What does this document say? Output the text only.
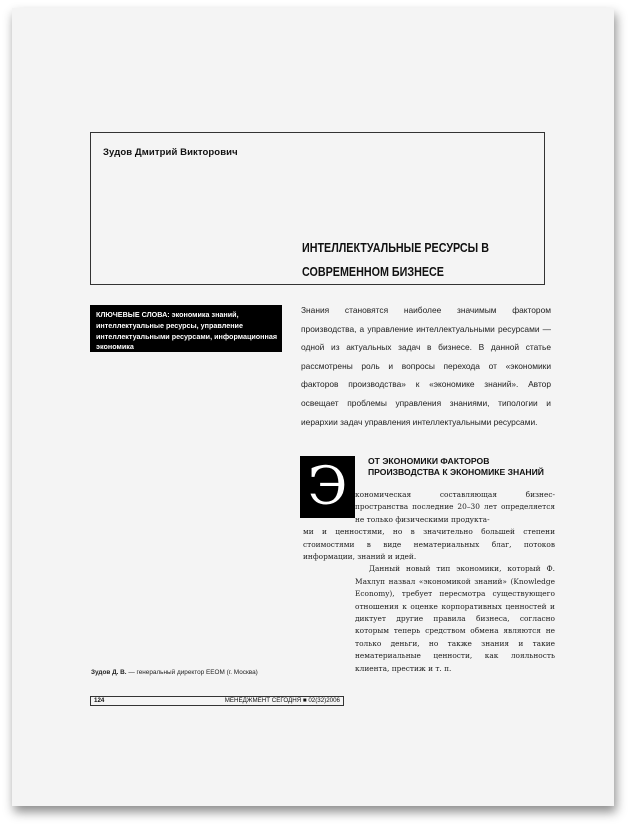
Зудов Дмитрий Викторович
ИНТЕЛЛЕКТУАЛЬНЫЕ РЕСУРСЫ В
СОВРЕМЕННОМ БИЗНЕСЕ
КЛЮЧЕВЫЕ СЛОВА: экономика знаний, интеллектуальные ресурсы, управление интеллектуальными ресурсами, информационная экономика
Знания становятся наиболее значимым фактором производства, а управление интеллектуальными ресурсами — одной из актуальных задач в бизнесе. В данной статье рассмотрены роль и вопросы перехода от «экономики факторов производства» к «экономике знаний». Автор освещает проблемы управления знаниями, типологии и иерархии задач управления интеллектуальными ресурсами.
Э	ОТ ЭКОНОМИКИ ФАКТОРОВ
ПРОИЗВОДСТВА К ЭКОНОМИКЕ ЗНАНИЙ
кономическая составляющая бизнес-пространства последние 20–30 лет определяется не только физическими продукта-
ми и ценностями, но в значительно большей степени стоимостями в виде нематериальных благ, потоков информации, знаний и идей.
Данный новый тип экономики, который Ф. Махлуп назвал «экономикой знаний» (Knowledge Economy), требует пересмотра существующего отношения к оценке корпоративных ценностей и диктует другие правила бизнеса, согласно которым теперь средством обмена являются не только деньги, но также знания и такие нематериальные ценности, как лояльность клиента, престиж и т. п.
Зудов Д. В. — генеральный директор ЕЕОМ (г. Москва)
124	МЕНЕДЖМЕНТ СЕГОДНЯ ■ 02(32)2006
